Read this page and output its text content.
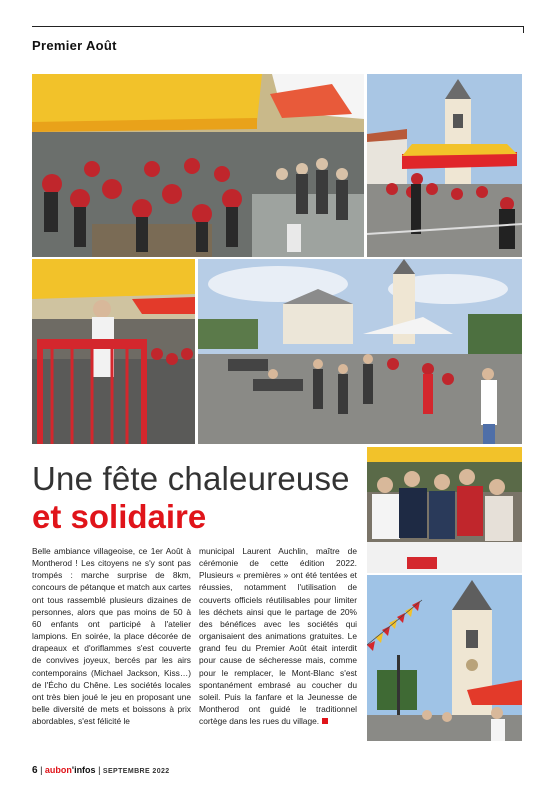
Premier Août
Une fête chaleureuse
et solidaire
Belle ambiance villageoise, ce 1er Août à Montherod ! Les citoyens ne s'y sont pas trompés : marche surprise de 8km, concours de pétanque et match aux cartes ont tous rassemblé plusieurs dizaines de personnes, alors que pas moins de 50 à 60 enfants ont participé à l'atelier lampions. En soirée, la place décorée de drapeaux et d'oriflammes s'est couverte de convives joyeux, bercés par les airs contemporains (Michael Jackson, Kiss…) de l'Écho du Chêne. Les sociétés locales ont très bien joué le jeu en proposant une belle diversité de mets et boissons à prix abordables, s'est félicité le
municipal Laurent Auchlin, maître de cérémonie de cette édition 2022. Plusieurs « premières » ont été tentées et réussies, notamment l'utilisation de couverts officiels réutilisables pour limiter les déchets ainsi que le partage de 20% des bénéfices avec les sociétés qui organisaient des animations gratuites. Le grand feu du Premier Août était interdit pour cause de sécheresse mais, comme pour le remplacer, le Mont-Blanc s'est spontanément embrasé au coucher du soleil. Puis la fanfare et la Jeunesse de Montherod ont guidé le traditionnel cortège dans les rues du village.
6 | aubon'infos | SEPTEMBRE 2022
